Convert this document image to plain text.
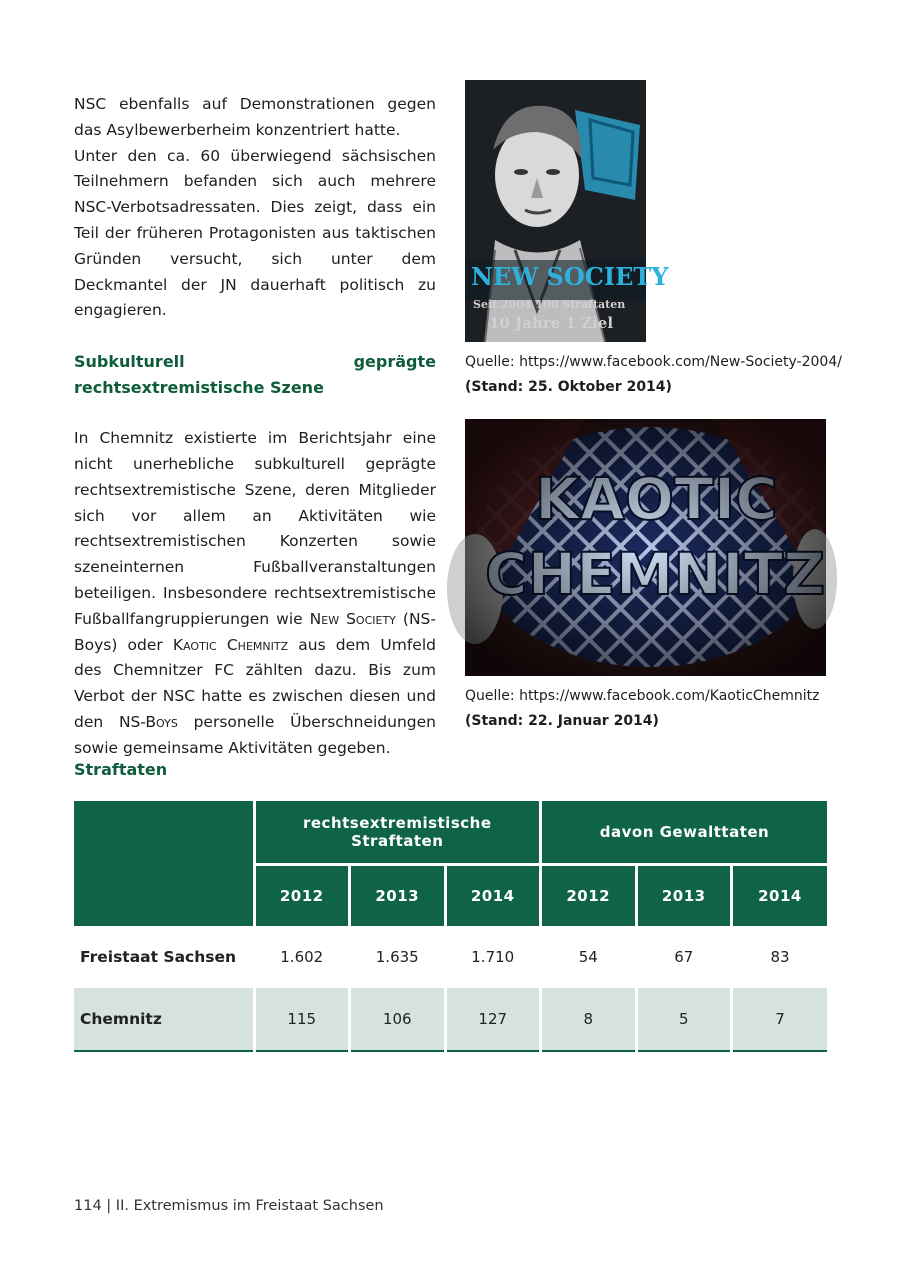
NSC ebenfalls auf Demonstrationen gegen das Asylbewerberheim konzentriert hatte.

Unter den ca. 60 überwiegend sächsischen Teilnehmern befanden sich auch mehrere NSC-Verbotsadressaten. Dies zeigt, dass ein Teil der früheren Protagonisten aus taktischen Gründen versucht, sich unter dem Deckmantel der JN dauerhaft politisch zu engagieren.

Subkulturell geprägte rechtsextremistische Szene

In Chemnitz existierte im Berichtsjahr eine nicht unerhebliche subkulturell geprägte rechtsextremistische Szene, deren Mitglieder sich vor allem an Aktivitäten wie rechtsextremistischen Konzerten sowie szeneinternen Fußballveranstaltungen beteiligen. Insbesondere rechtsextremistische Fußballfangruppierungen wie New Society (NS-Boys) oder Kaotic Chemnitz aus dem Umfeld des Chemnitzer FC zählten dazu. Bis zum Verbot der NSC hatte es zwischen diesen und den NS-Boys personelle Überschneidungen sowie gemeinsame Aktivitäten gegeben.

NEW SOCIETY
Seit 2004 100 Straftaten
10 Jahre 1 Ziel
Quelle: https://www.facebook.com/New-Society-2004/
(Stand: 25. Oktober 2014)
Quelle: https://www.facebook.com/KaoticChemnitz
(Stand: 22. Januar 2014)
Straftaten
	rechtsextremistische Straftaten			davon Gewalttaten		
	2012	2013	2014	2012	2013	2014
Freistaat Sachsen	1.602	1.635	1.710	54	67	83
Chemnitz	115	106	127	8	5	7
114 | II. Extremismus im Freistaat Sachsen
